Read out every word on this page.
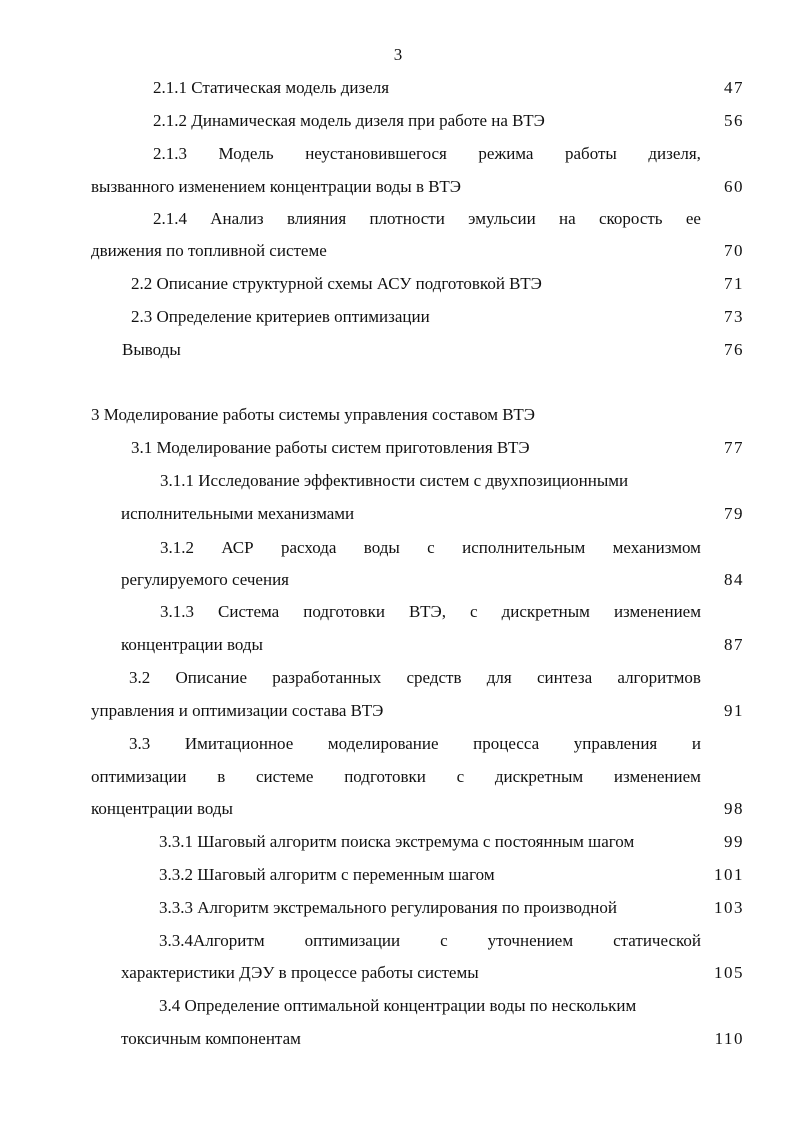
3
2.1.1 Статическая модель дизеля	47
2.1.2 Динамическая модель дизеля при работе на ВТЭ	56
2.1.3 Модель неустановившегося режима работы дизеля,
вызванного изменением концентрации воды в ВТЭ	60
2.1.4 Анализ влияния плотности эмульсии на скорость ее
движения по топливной системе	70
2.2 Описание структурной схемы АСУ подготовкой ВТЭ	71
2.3 Определение критериев оптимизации	73
Выводы	76
3 Моделирование работы системы управления составом ВТЭ
3.1 Моделирование работы систем приготовления ВТЭ	77
3.1.1 Исследование эффективности систем с двухпозиционными
исполнительными механизмами	79
3.1.2 АСР расхода воды с исполнительным механизмом
регулируемого сечения	84
3.1.3 Система подготовки ВТЭ, с дискретным изменением
концентрации воды	87
3.2 Описание разработанных средств для синтеза алгоритмов
управления и оптимизации состава ВТЭ	91
3.3 Имитационное моделирование процесса управления и
оптимизации в системе подготовки с дискретным изменением
концентрации воды	98
3.3.1 Шаговый алгоритм поиска экстремума с постоянным шагом	99
3.3.2 Шаговый алгоритм с переменным шагом	101
3.3.3 Алгоритм экстремального регулирования по производной	103
3.3.4Алгоритм оптимизации с уточнением статической
характеристики ДЭУ в процессе работы системы	105
3.4 Определение оптимальной концентрации воды по нескольким
токсичным компонентам	110
